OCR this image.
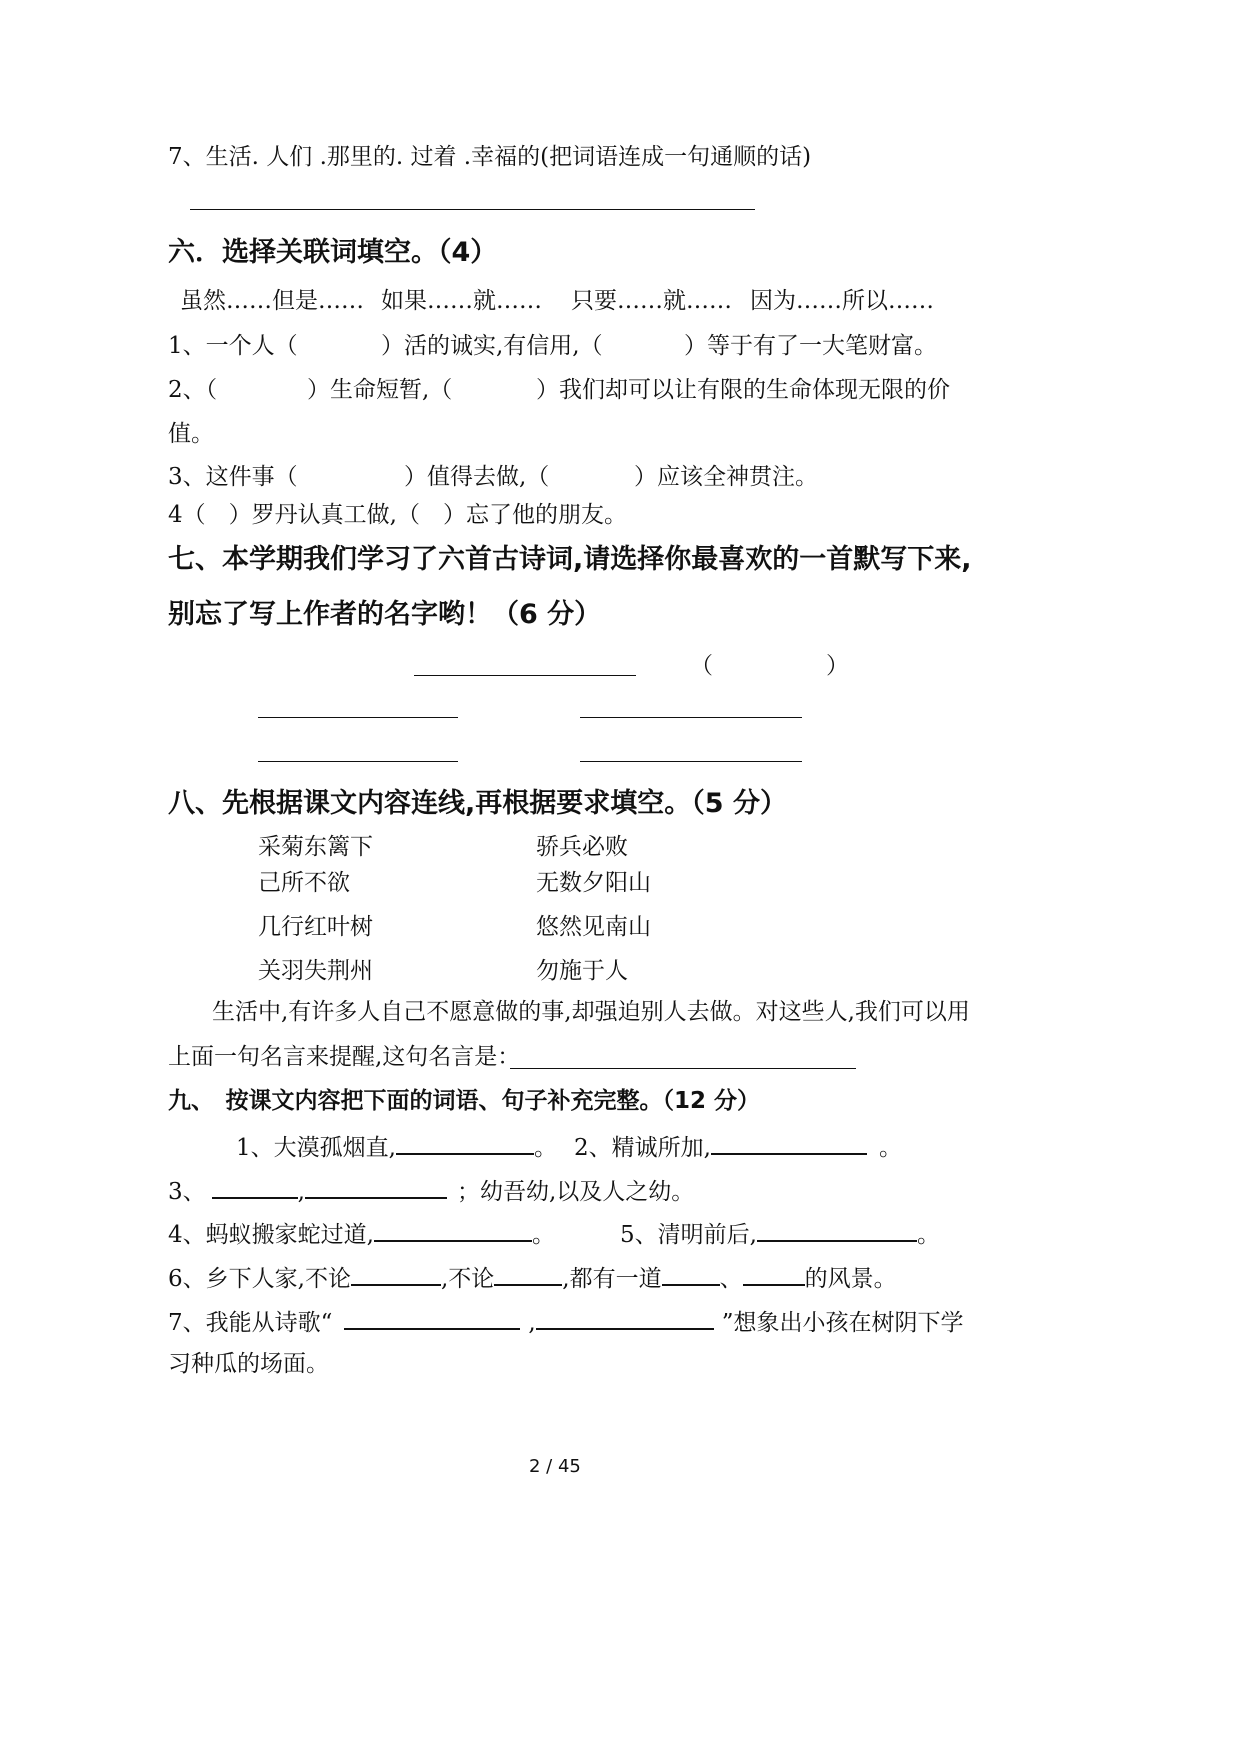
7、生活. 人们 .那里的. 过着 .幸福的(把词语连成一句通顺的话)
六．选择关联词填空。（4）
虽然……但是…… 如果……就…… 只要……就…… 因为……所以……
1、一个人（	）活的诚实,有信用,（	）等于有了一大笔财富。
2、（	）生命短暂,（	）我们却可以让有限的生命体现无限的价
值。
3、这件事（	）值得去做,（	）应该全神贯注。
4（　）罗丹认真工做,（　）忘了他的朋友。
七、本学期我们学习了六首古诗词,请选择你最喜欢的一首默写下来,
别忘了写上作者的名字哟！（6 分）
（	）
八、先根据课文内容连线,再根据要求填空。（5 分）
采菊东篱下	骄兵必败
己所不欲	无数夕阳山
几行红叶树	悠然见南山
关羽失荆州	勿施于人
生活中,有许多人自己不愿意做的事,却强迫别人去做。对这些人,我们可以用
上面一句名言来提醒,这句名言是：
九、　按课文内容把下面的词语、句子补充完整。（12 分）
1、大漠孤烟直,	。 2、精诚所加,	。
3、	,	；幼吾幼,以及人之幼。
4、蚂蚁搬家蛇过道,	。	5、清明前后,	。
6、乡下人家,不论	,不论	,都有一道	、	的风景。
7、我能从诗歌“	,	”想象出小孩在树阴下学
习种瓜的场面。
2 / 45
